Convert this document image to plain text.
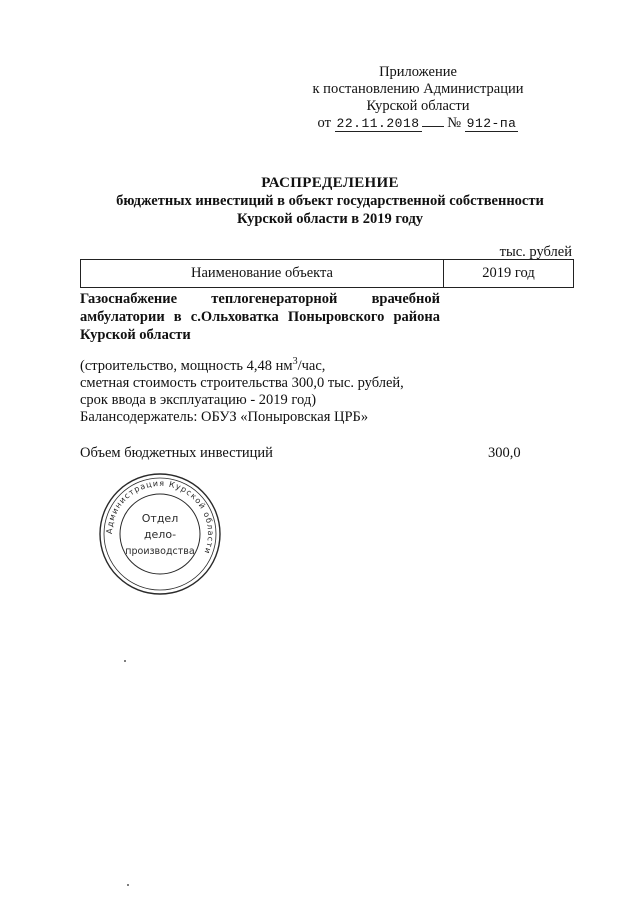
Приложение
к постановлению Администрации
Курской области
от 22.11.2018 № 912-па
РАСПРЕДЕЛЕНИЕ
бюджетных инвестиций в объект государственной собственности
Курской области в 2019 году
тыс. рублей
Наименование объекта	2019 год
Газоснабжение теплогенераторной врачебной амбулатории в с.Ольховатка Поныровского района Курской области
(строительство, мощность 4,48 $нм^3$/час,
сметная стоимость строительства 300,0 тыс. рублей,
срок ввода в эксплуатацию - 2019 год)
Балансодержатель: ОБУЗ «Поныровская ЦРБ»
Объем бюджетных инвестиций	300,0
Администрация Курской области
Отдел
дело-
производства
